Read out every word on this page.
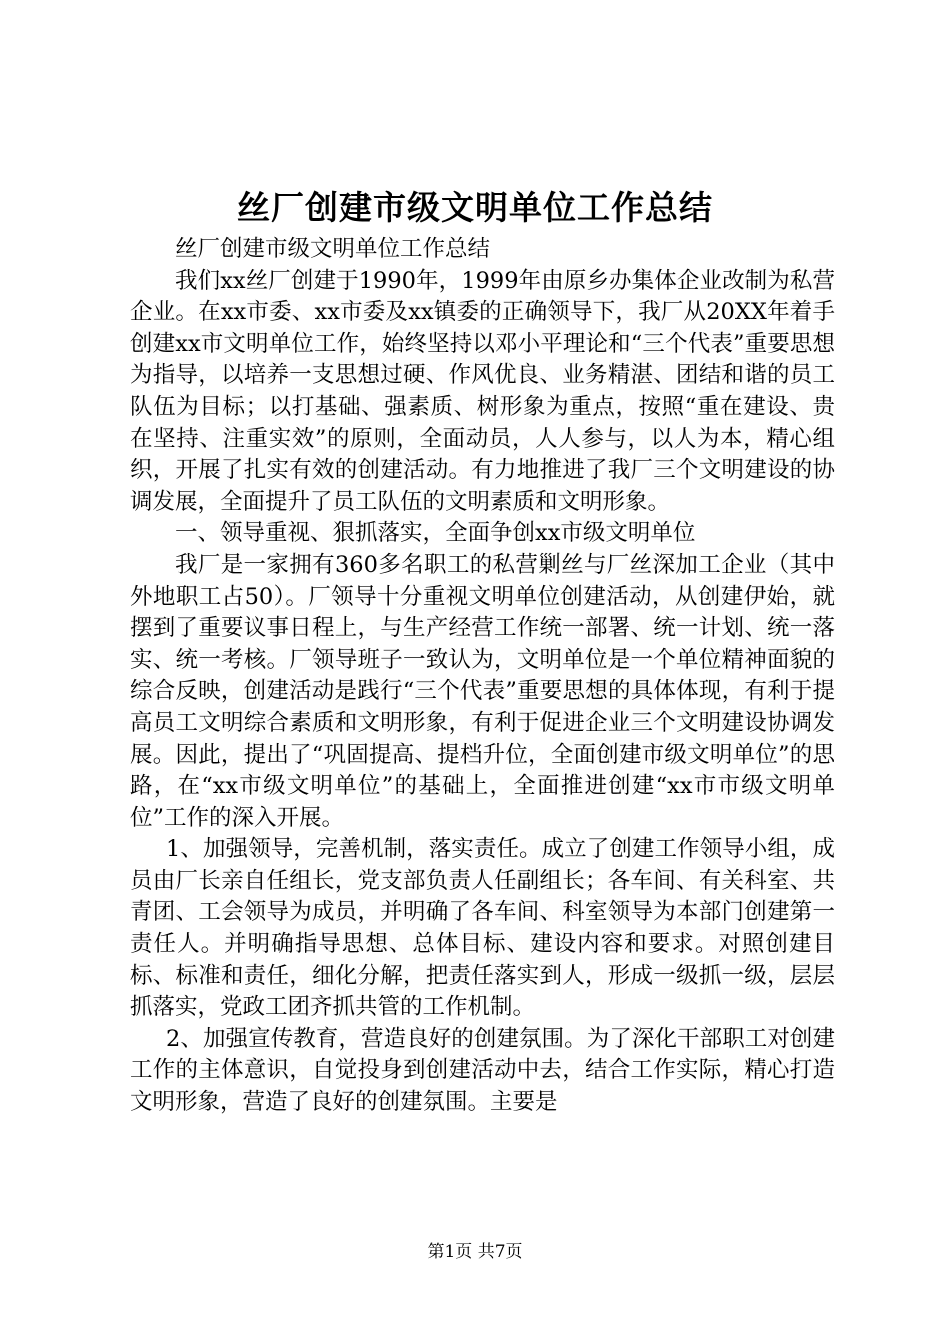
丝厂创建市级文明单位工作总结

丝厂创建市级文明单位工作总结

我们xx丝厂创建于1990年，1999年由原乡办集体企业改制为私营企业。在xx市委、xx市委及xx镇委的正确领导下，我厂从20XX年着手创建xx市文明单位工作，始终坚持以邓小平理论和“三个代表”重要思想为指导，以培养一支思想过硬、作风优良、业务精湛、团结和谐的员工队伍为目标；以打基础、强素质、树形象为重点，按照“重在建设、贵在坚持、注重实效”的原则，全面动员，人人参与，以人为本，精心组织，开展了扎实有效的创建活动。有力地推进了我厂三个文明建设的协调发展，全面提升了员工队伍的文明素质和文明形象。

一、领导重视、狠抓落实，全面争创xx市级文明单位

我厂是一家拥有360多名职工的私营剿丝与厂丝深加工企业（其中外地职工占50）。厂领导十分重视文明单位创建活动，从创建伊始，就摆到了重要议事日程上，与生产经营工作统一部署、统一计划、统一落实、统一考核。厂领导班子一致认为，文明单位是一个单位精神面貌的综合反映，创建活动是践行“三个代表”重要思想的具体体现，有利于提高员工文明综合素质和文明形象，有利于促进企业三个文明建设协调发展。因此，提出了“巩固提高、提档升位，全面创建市级文明单位”的思路，在“xx市级文明单位”的基础上，全面推进创建“xx市市级文明单位”工作的深入开展。

1、加强领导，完善机制，落实责任。成立了创建工作领导小组，成员由厂长亲自任组长，党支部负责人任副组长；各车间、有关科室、共青团、工会领导为成员，并明确了各车间、科室领导为本部门创建第一责任人。并明确指导思想、总体目标、建设内容和要求。对照创建目标、标准和责任，细化分解，把责任落实到人，形成一级抓一级，层层抓落实，党政工团齐抓共管的工作机制。

2、加强宣传教育，营造良好的创建氛围。为了深化干部职工对创建工作的主体意识，自觉投身到创建活动中去，结合工作实际，精心打造文明形象，营造了良好的创建氛围。主要是

第1页 共7页
